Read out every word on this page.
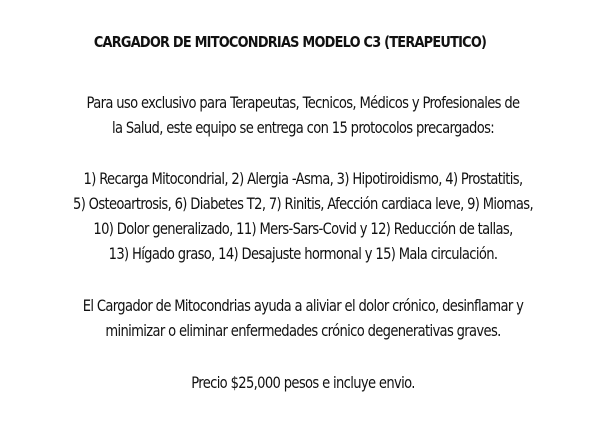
CARGADOR DE MITOCONDRIAS MODELO C3 (TERAPEUTICO)
Para uso exclusivo para Terapeutas, Tecnicos, Médicos y Profesionales de
la Salud, este equipo se entrega con 15 protocolos precargados:
1) Recarga Mitocondrial, 2) Alergia -Asma, 3) Hipotiroidismo, 4) Prostatitis,
5) Osteoartrosis, 6) Diabetes T2, 7) Rinitis, Afección cardiaca leve, 9) Miomas,
10) Dolor generalizado, 11) Mers-Sars-Covid y 12) Reducción de tallas,
13) Hígado graso, 14) Desajuste hormonal y 15) Mala circulación.
El Cargador de Mitocondrias ayuda a aliviar el dolor crónico, desinflamar y
minimizar o eliminar enfermedades crónico degenerativas graves.
Precio $25,000 pesos e incluye envio.
